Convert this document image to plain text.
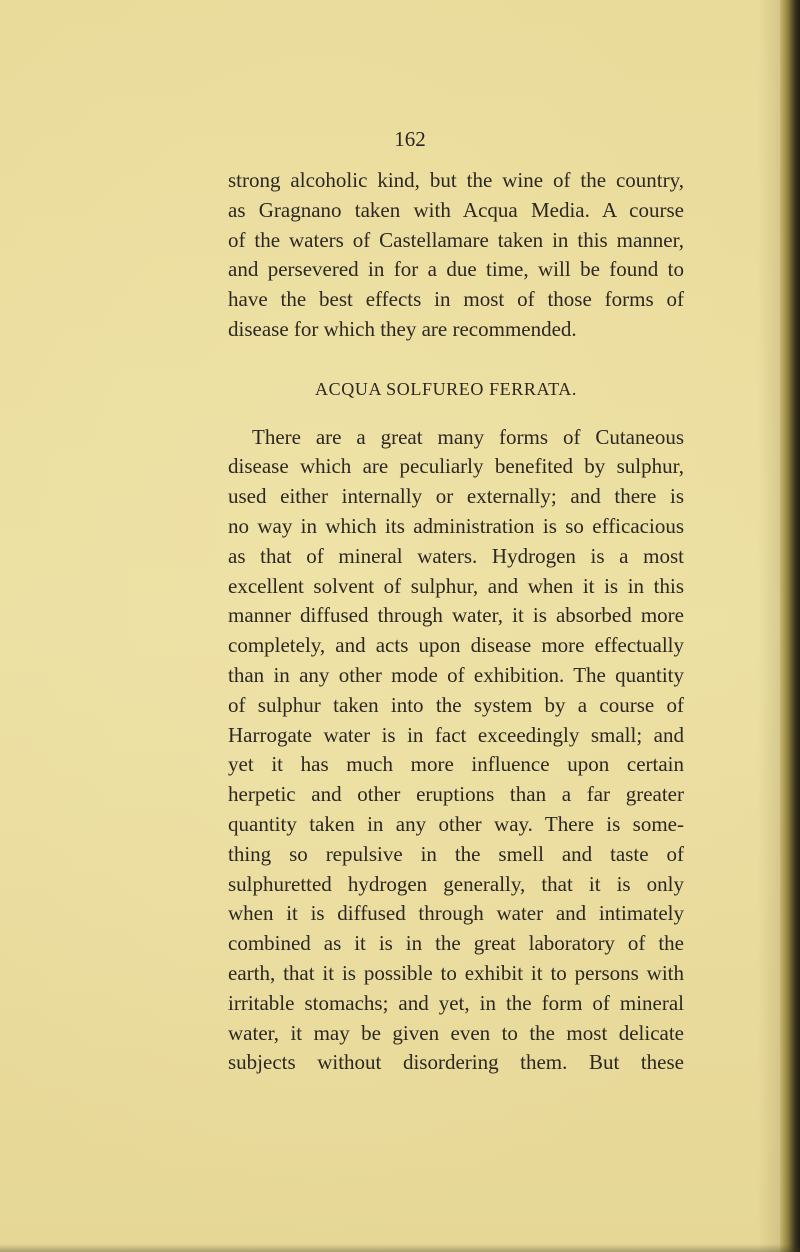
162
strong alcoholic kind, but the wine of the country,
as Gragnano taken with Acqua Media. A course
of the waters of Castellamare taken in this manner,
and persevered in for a due time, will be found to
have the best effects in most of those forms of
disease for which they are recommended.
ACQUA SOLFUREO FERRATA.
There are a great many forms of Cutaneous
disease which are peculiarly benefited by sulphur,
used either internally or externally; and there is
no way in which its administration is so efficacious
as that of mineral waters. Hydrogen is a most
excellent solvent of sulphur, and when it is in this
manner diffused through water, it is absorbed more
completely, and acts upon disease more effectually
than in any other mode of exhibition. The quantity
of sulphur taken into the system by a course of
Harrogate water is in fact exceedingly small; and
yet it has much more influence upon certain
herpetic and other eruptions than a far greater
quantity taken in any other way. There is some-
thing so repulsive in the smell and taste of
sulphuretted hydrogen generally, that it is only
when it is diffused through water and intimately
combined as it is in the great laboratory of the
earth, that it is possible to exhibit it to persons with
irritable stomachs; and yet, in the form of mineral
water, it may be given even to the most delicate
subjects without disordering them. But these
